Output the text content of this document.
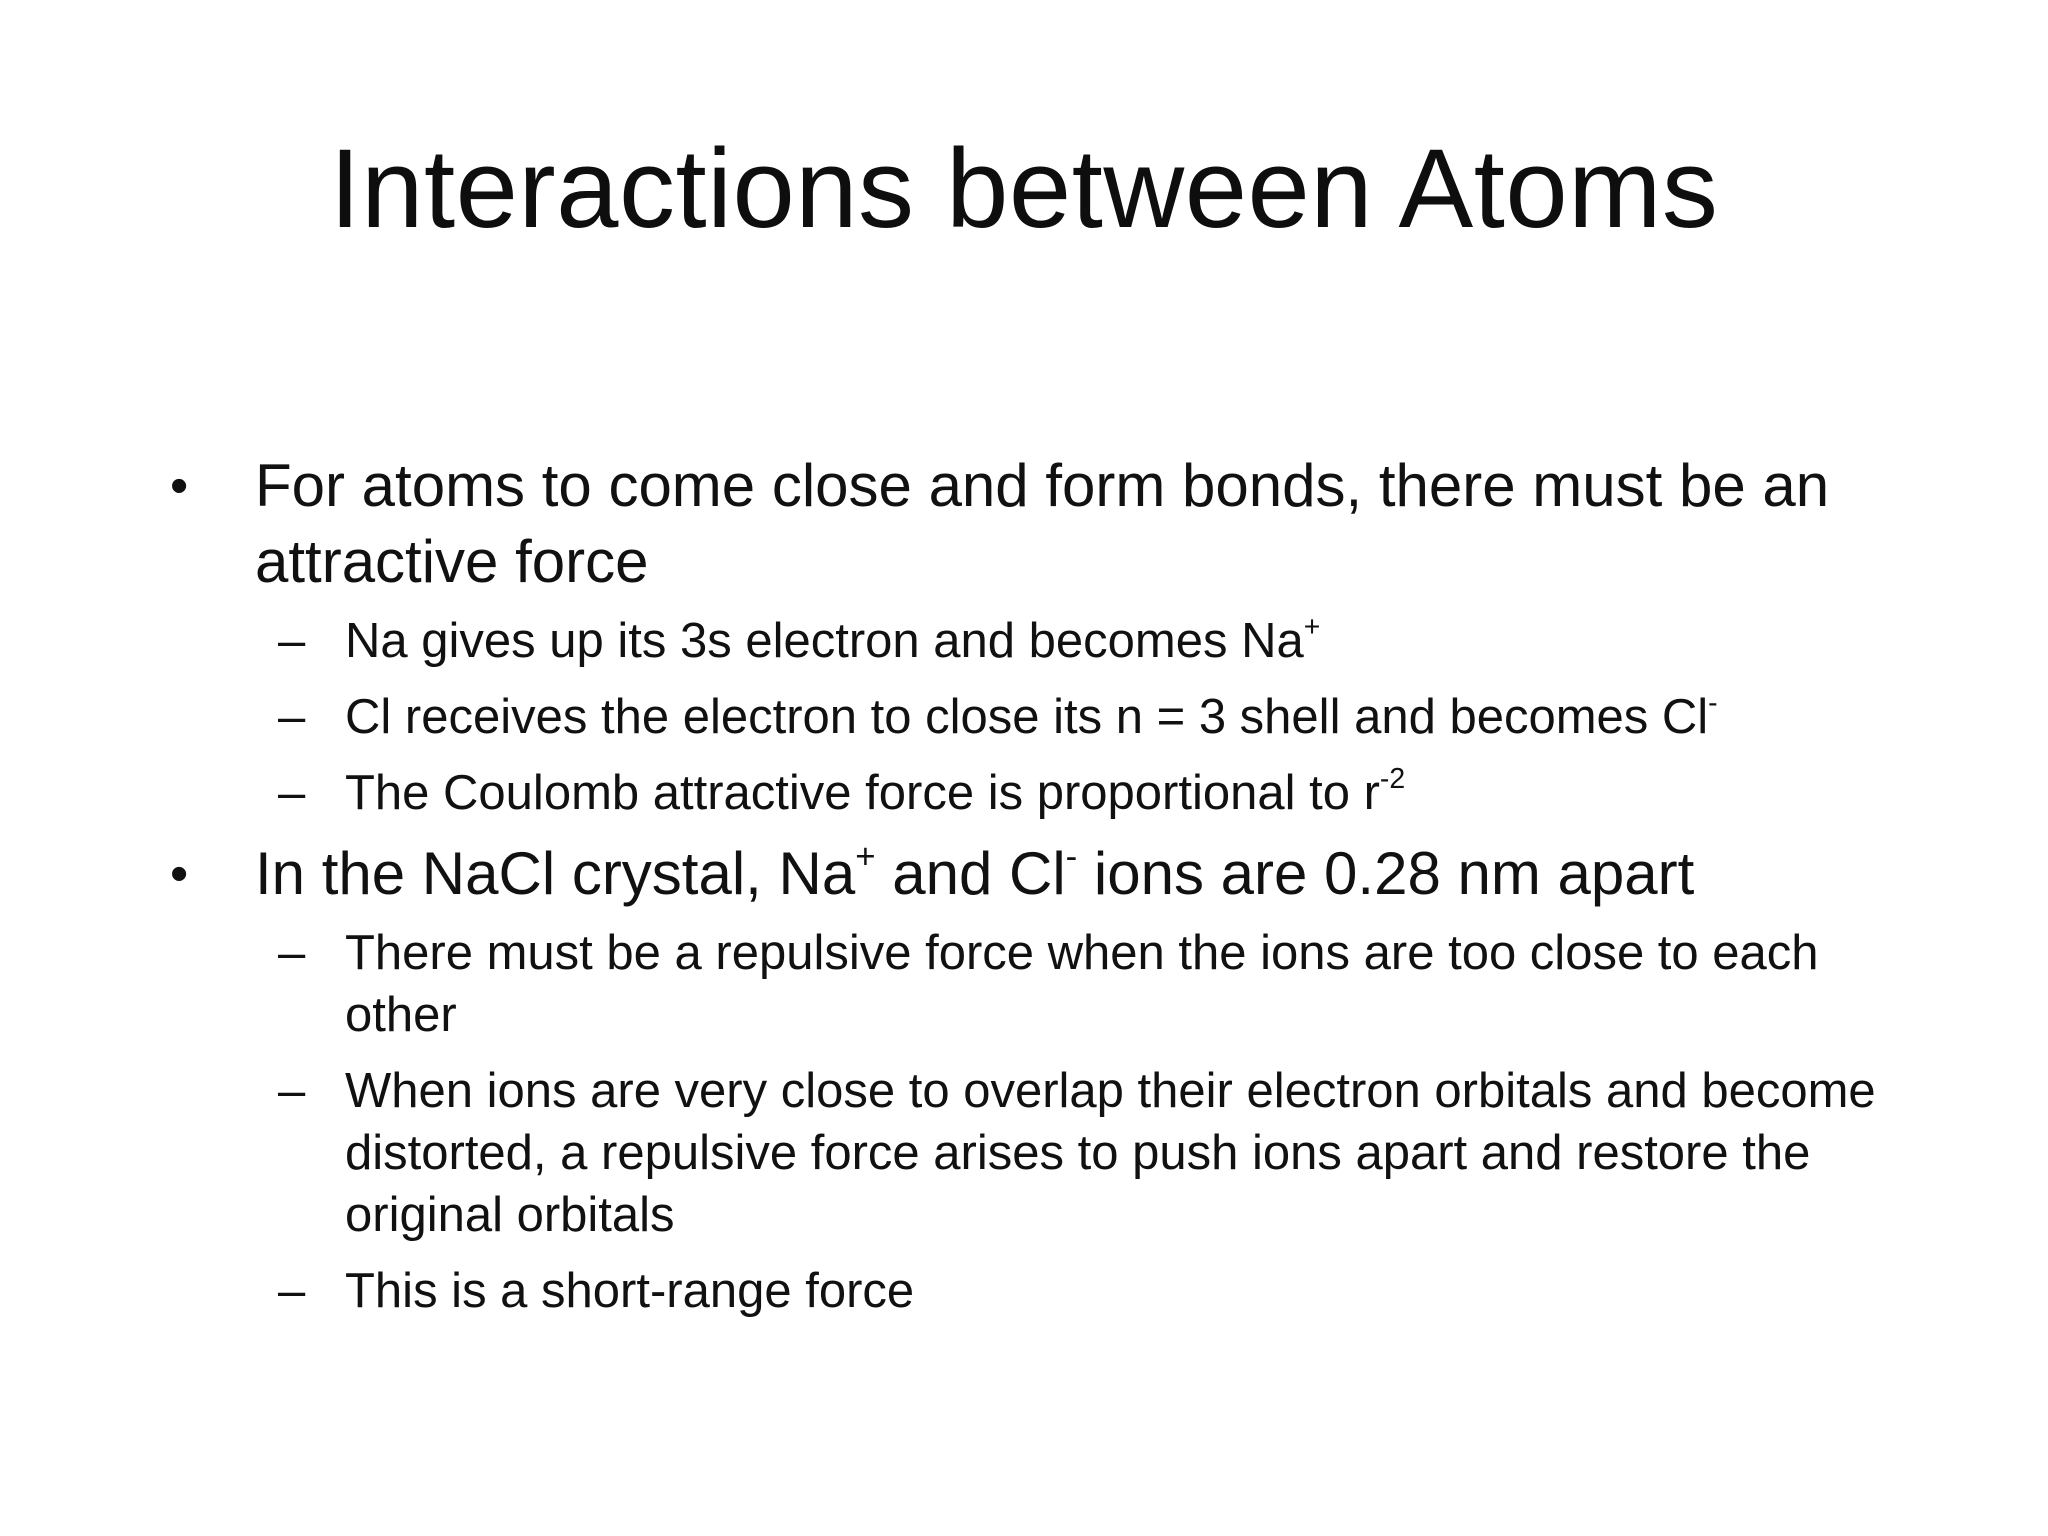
Interactions between Atoms

•	For atoms to come close and form bonds, there must be an attractive force

– Na gives up its 3s electron and becomes Na+

– Cl receives the electron to close its n = 3 shell and becomes Cl-

– The Coulomb attractive force is proportional to $r^{-2}$

•	In the NaCl crystal, Na+ and Cl- ions are 0.28 nm apart

– There must be a repulsive force when the ions are too close to each other

– When ions are very close to overlap their electron orbitals and become distorted, a repulsive force arises to push ions apart and restore the original orbitals

– This is a short-range force
